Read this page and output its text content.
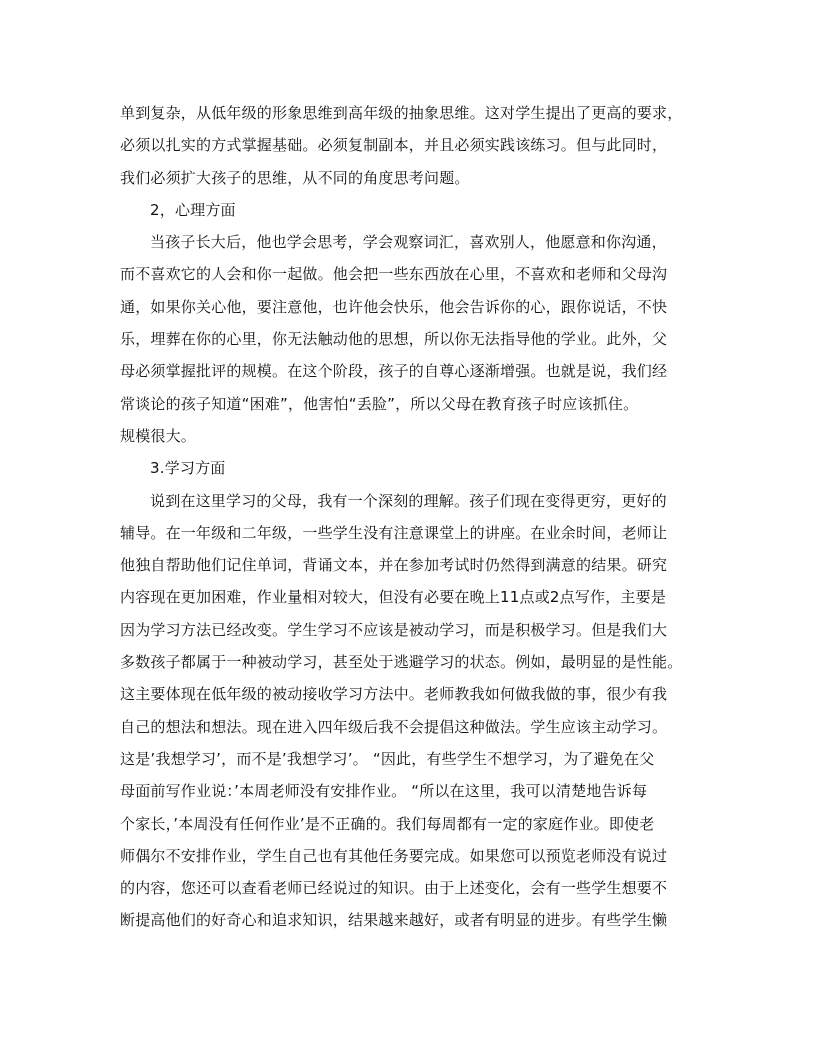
单到复杂，从低年级的形象思维到高年级的抽象思维。这对学生提出了更高的要求，
必须以扎实的方式掌握基础。必须复制副本，并且必须实践该练习。但与此同时，
我们必须扩大孩子的思维，从不同的角度思考问题。
2，心理方面
当孩子长大后，他也学会思考，学会观察词汇，喜欢别人，他愿意和你沟通，
而不喜欢它的人会和你一起做。他会把一些东西放在心里，不喜欢和老师和父母沟
通，如果你关心他，要注意他，也许他会快乐，他会告诉你的心，跟你说话，不快
乐，埋葬在你的心里，你无法触动他的思想，所以你无法指导他的学业。此外，父
母必须掌握批评的规模。在这个阶段，孩子的自尊心逐渐增强。也就是说，我们经
常谈论的孩子知道“困难”，他害怕“丢脸”，所以父母在教育孩子时应该抓住。
规模很大。
3.学习方面
说到在这里学习的父母，我有一个深刻的理解。孩子们现在变得更穷，更好的
辅导。在一年级和二年级，一些学生没有注意课堂上的讲座。在业余时间，老师让
他独自帮助他们记住单词，背诵文本，并在参加考试时仍然得到满意的结果。研究
内容现在更加困难，作业量相对较大，但没有必要在晚上11点或2点写作，主要是
因为学习方法已经改变。学生学习不应该是被动学习，而是积极学习。但是我们大
多数孩子都属于一种被动学习，甚至处于逃避学习的状态。例如，最明显的是性能。
这主要体现在低年级的被动接收学习方法中。老师教我如何做我做的事，很少有我
自己的想法和想法。现在进入四年级后我不会提倡这种做法。学生应该主动学习。
这是’我想学习’，而不是’我想学习’。 “因此，有些学生不想学习，为了避免在父
母面前写作业说：’本周老师没有安排作业。 “所以在这里，我可以清楚地告诉每
个家长，’本周没有任何作业’是不正确的。我们每周都有一定的家庭作业。即使老
师偶尔不安排作业，学生自己也有其他任务要完成。如果您可以预览老师没有说过
的内容，您还可以查看老师已经说过的知识。由于上述变化，会有一些学生想要不
断提高他们的好奇心和追求知识，结果越来越好，或者有明显的进步。有些学生懒
